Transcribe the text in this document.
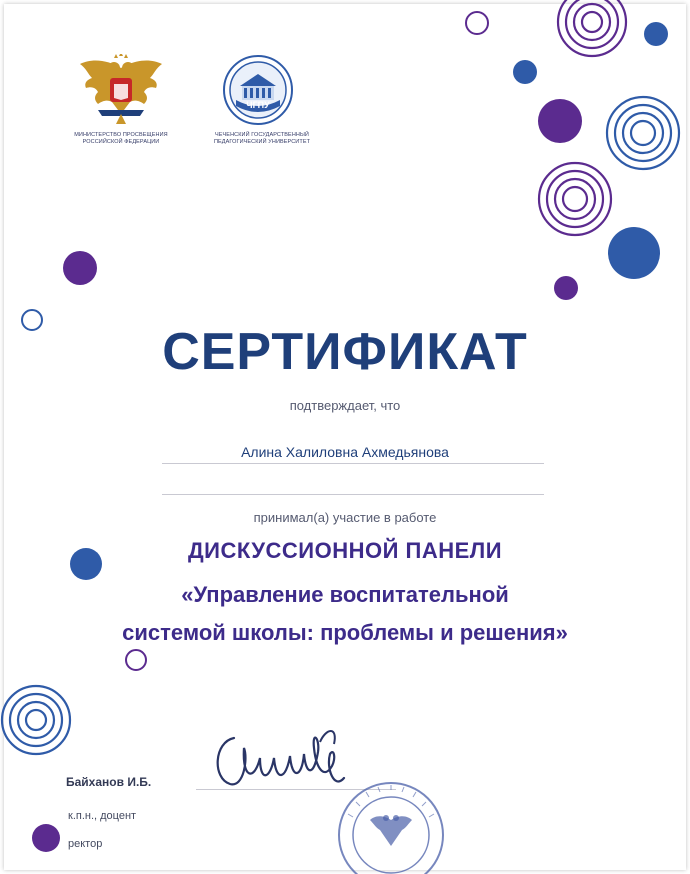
МИНИСТЕРСТВО ПРОСВЕЩЕНИЯ РОССИЙСКОЙ ФЕДЕРАЦИИ
ЧГПУ
ЧЕЧЕНСКИЙ ГОСУДАРСТВЕННЫЙ ПЕДАГОГИЧЕСКИЙ УНИВЕРСИТЕТ
СЕРТИФИКАТ
подтверждает, что
Алина Халиловна Ахмедьянова
принимал(а) участие в работе
ДИСКУССИОННОЙ ПАНЕЛИ
«Управление воспитательной
системой школы: проблемы и решения»
Байханов И.Б.
к.п.н., доцент
ректор
